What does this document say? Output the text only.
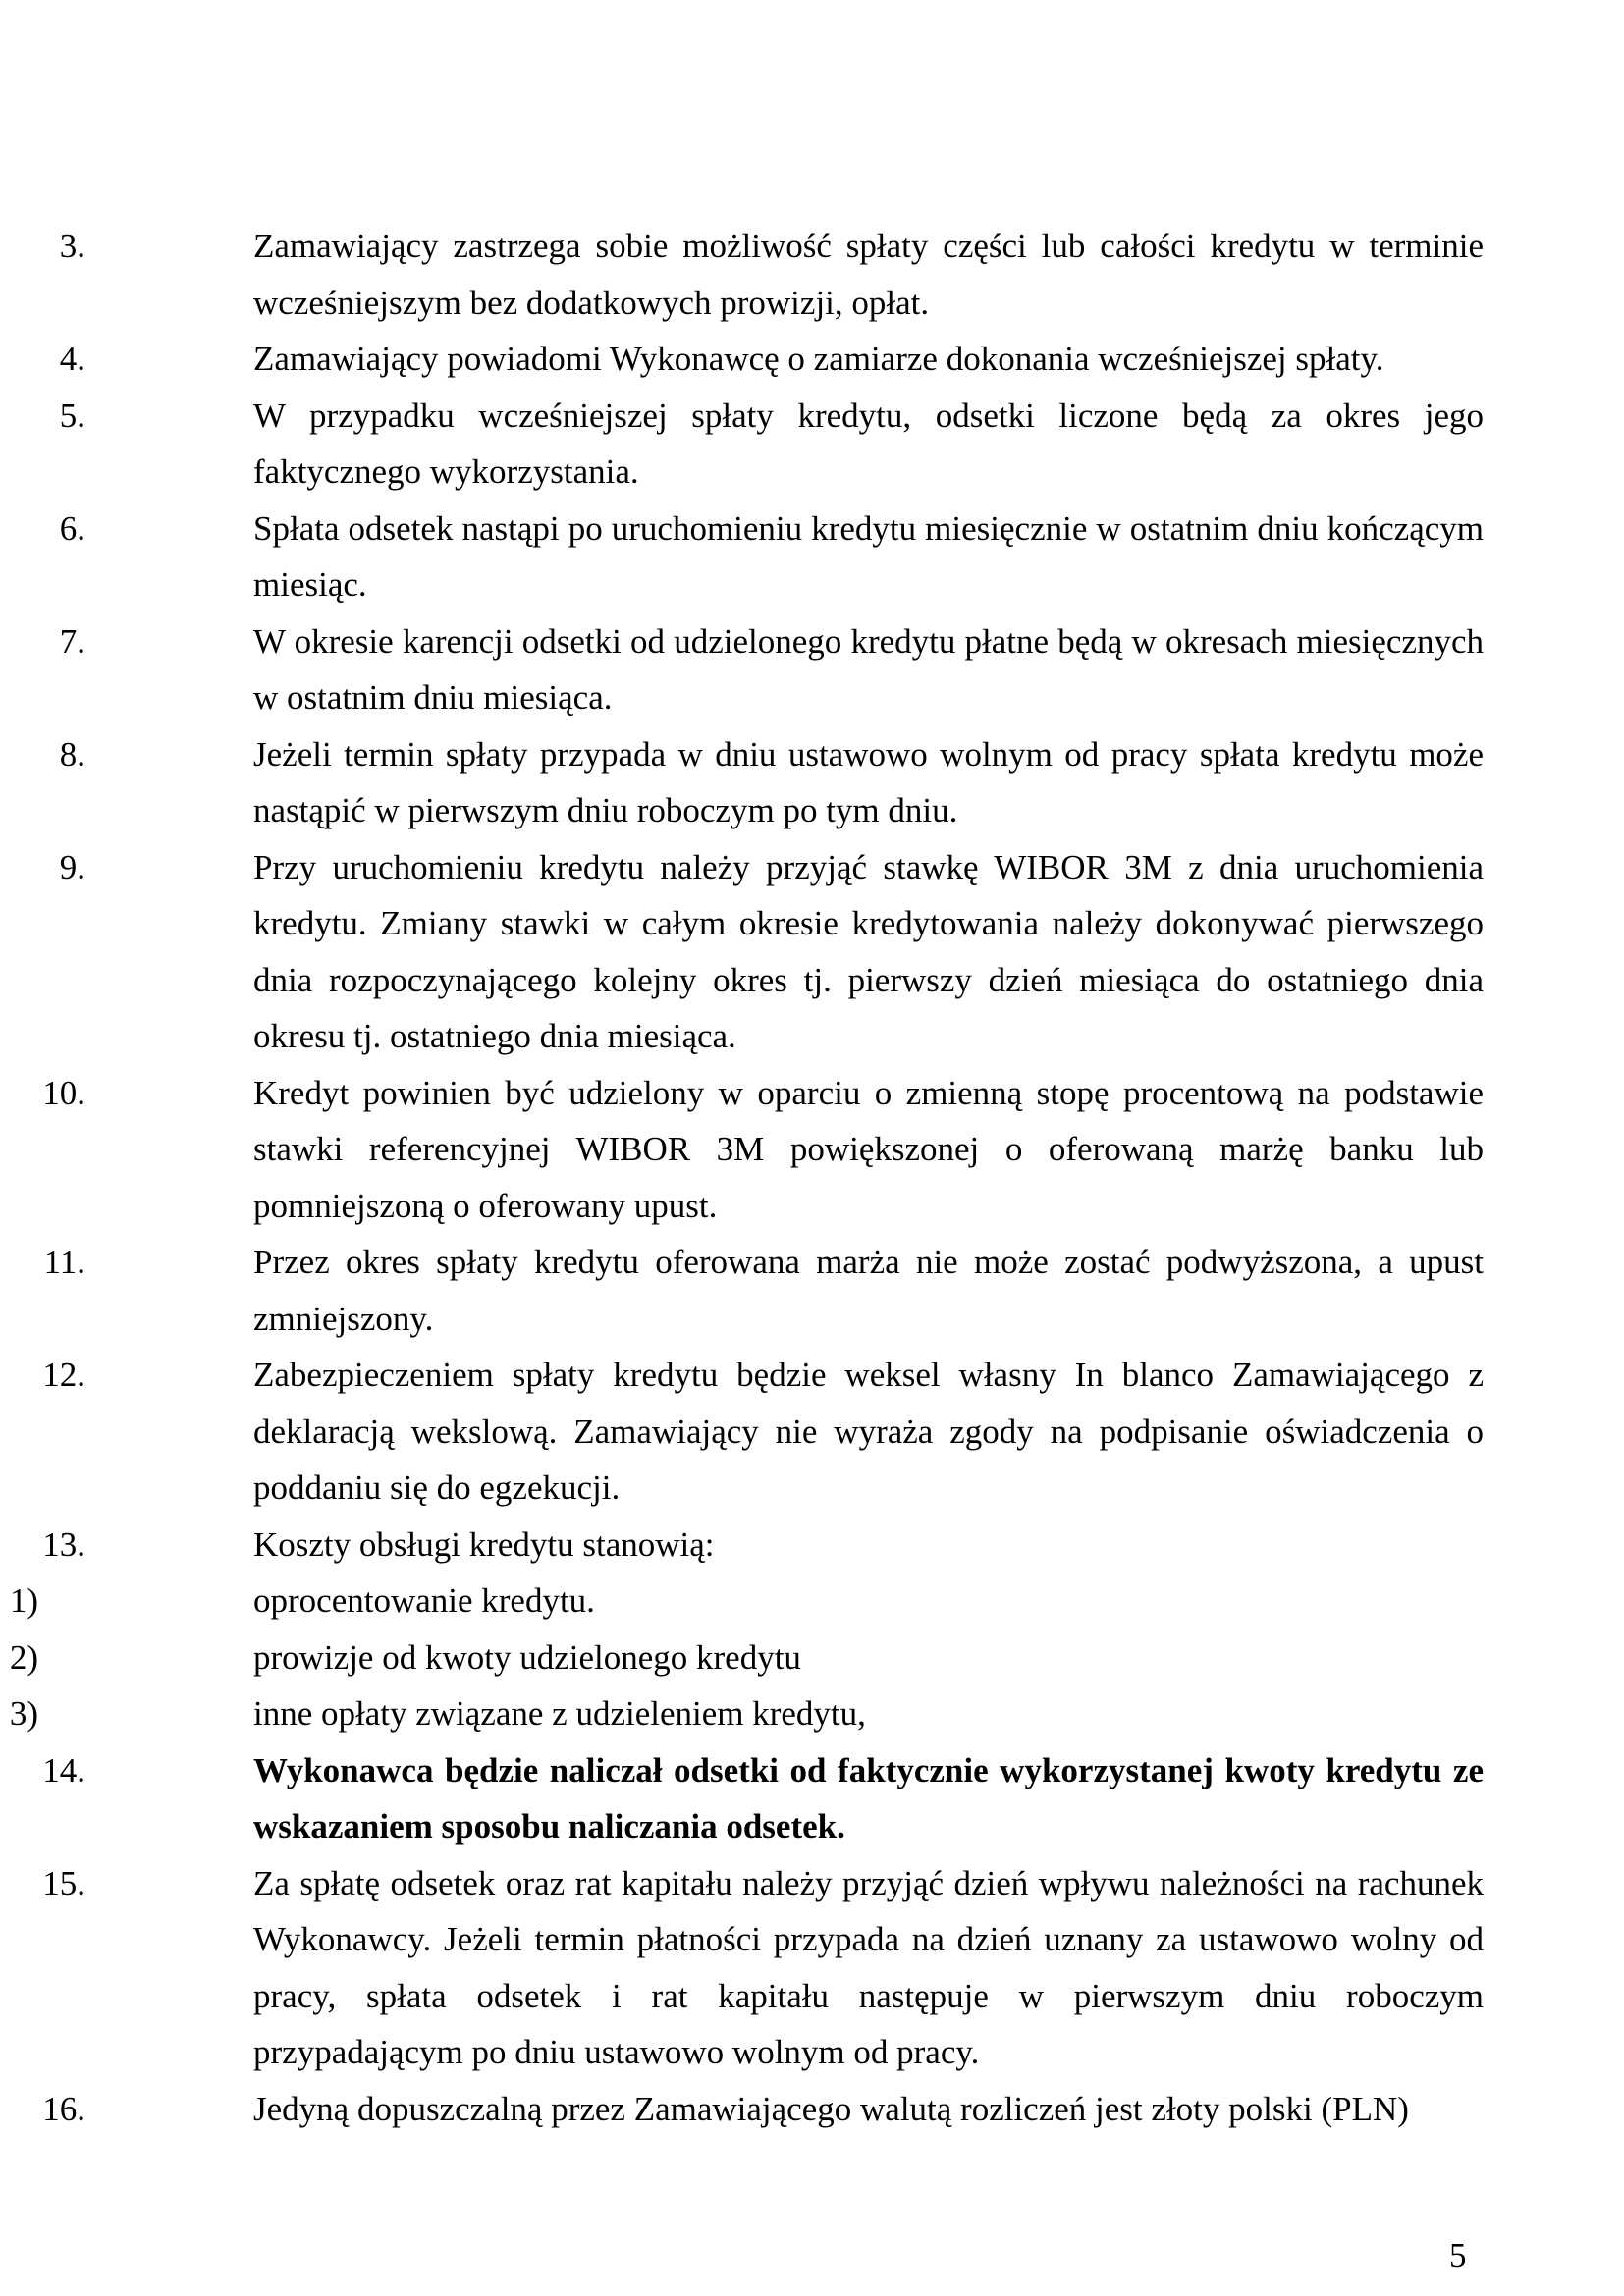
3.	Zamawiający zastrzega sobie możliwość spłaty części lub całości kredytu w terminie wcześniejszym bez dodatkowych prowizji, opłat.
4.	Zamawiający powiadomi Wykonawcę o zamiarze dokonania wcześniejszej spłaty.
5.	W przypadku wcześniejszej spłaty kredytu, odsetki liczone będą za okres jego faktycznego wykorzystania.
6.	Spłata odsetek nastąpi po uruchomieniu kredytu miesięcznie w ostatnim dniu kończącym miesiąc.
7.	W okresie karencji odsetki od udzielonego kredytu płatne będą w okresach miesięcznych w ostatnim dniu miesiąca.
8.	Jeżeli termin spłaty przypada w dniu ustawowo wolnym od pracy spłata kredytu może nastąpić w pierwszym dniu roboczym po tym dniu.
9.	Przy uruchomieniu kredytu należy przyjąć stawkę WIBOR 3M z dnia uruchomienia kredytu. Zmiany stawki w całym okresie kredytowania należy dokonywać pierwszego dnia rozpoczynającego kolejny okres tj. pierwszy dzień miesiąca do ostatniego dnia okresu tj. ostatniego dnia miesiąca.
10.	Kredyt powinien być udzielony w oparciu o zmienną stopę procentową na podstawie stawki referencyjnej WIBOR 3M powiększonej o oferowaną marżę banku lub pomniejszoną o oferowany upust.
11.	Przez okres spłaty kredytu oferowana marża nie może zostać podwyższona, a upust zmniejszony.
12.	Zabezpieczeniem spłaty kredytu będzie weksel własny In blanco Zamawiającego z deklaracją wekslową. Zamawiający nie wyraża zgody na podpisanie oświadczenia o poddaniu się do egzekucji.
13.	Koszty obsługi kredytu stanowią:
1)	oprocentowanie kredytu.
2)	prowizje od kwoty udzielonego kredytu
3)	inne opłaty związane z udzieleniem kredytu,
14.	Wykonawca będzie naliczał odsetki od faktycznie wykorzystanej kwoty kredytu ze wskazaniem sposobu naliczania odsetek.
15.	Za spłatę odsetek oraz rat kapitału należy przyjąć dzień wpływu należności na rachunek Wykonawcy. Jeżeli termin płatności przypada na dzień uznany za ustawowo wolny od pracy, spłata odsetek i rat kapitału następuje w pierwszym dniu roboczym przypadającym po dniu ustawowo wolnym od pracy.
16.	Jedyną dopuszczalną przez Zamawiającego walutą rozliczeń jest złoty polski (PLN)
5
